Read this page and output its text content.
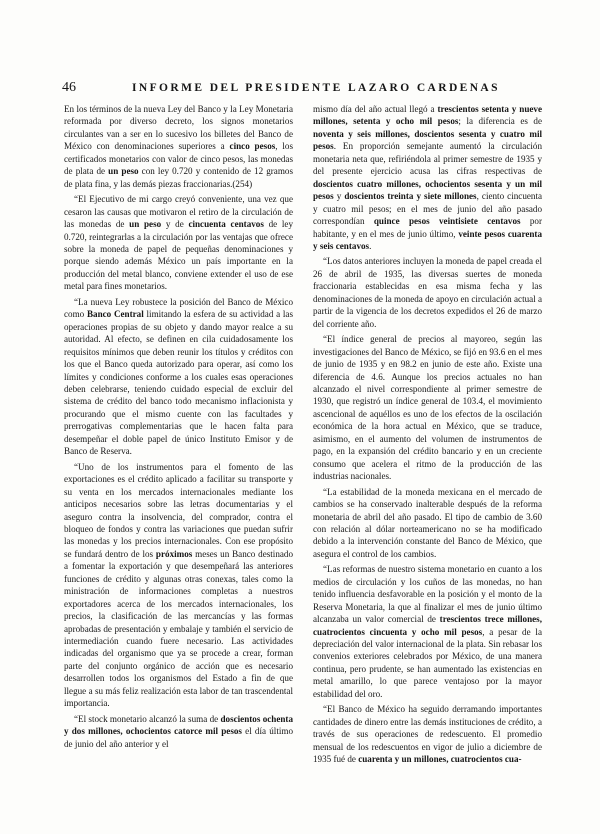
46	INFORME DEL PRESIDENTE LAZARO CARDENAS

En los términos de la nueva Ley del Banco y la Ley Monetaria reformada por diverso decreto, los signos monetarios circulantes van a ser en lo sucesivo los billetes del Banco de México con denominaciones superiores a cinco pesos, los certificados monetarios con valor de cinco pesos, las monedas de plata de un peso con ley 0.720 y contenido de 12 gramos de plata fina, y las demás piezas fraccionarias.(254)

“El Ejecutivo de mi cargo creyó conveniente, una vez que cesaron las causas que motivaron el retiro de la circulación de las monedas de un peso y de cincuenta centavos de ley 0.720, reintegrarlas a la circulación por las ventajas que ofrece sobre la moneda de papel de pequeñas denominaciones y porque siendo además México un país importante en la producción del metal blanco, conviene extender el uso de ese metal para fines monetarios.

“La nueva Ley robustece la posición del Banco de México como Banco Central limitando la esfera de su actividad a las operaciones propias de su objeto y dando mayor realce a su autoridad. Al efecto, se definen en cila cuidadosamente los requisitos mínimos que deben reunir los títulos y créditos con los que el Banco queda autorizado para operar, así como los límites y condiciones conforme a los cuales esas operaciones deben celebrarse, teniendo cuidado especial de excluir del sistema de crédito del banco todo mecanismo inflacionista y procurando que el mismo cuente con las facultades y prerrogativas complementarias que le hacen falta para desempeñar el doble papel de único Instituto Emisor y de Banco de Reserva.

“Uno de los instrumentos para el fomento de las exportaciones es el crédito aplicado a facilitar su transporte y su venta en los mercados internacionales mediante los anticipos necesarios sobre las letras documentarias y el aseguro contra la insolvencia, del comprador, contra el bloqueo de fondos y contra las variaciones que puedan sufrir las monedas y los precios internacionales. Con ese propósito se fundará dentro de los próximos meses un Banco destinado a fomentar la exportación y que desempeñará las anteriores funciones de crédito y algunas otras conexas, tales como la ministración de informaciones completas a nuestros exportadores acerca de los mercados internacionales, los precios, la clasificación de las mercancías y las formas aprobadas de presentación y embalaje y también el servicio de intermediación cuando fuere necesario. Las actividades indicadas del organismo que ya se procede a crear, forman parte del conjunto orgánico de acción que es necesario desarrollen todos los organismos del Estado a fin de que llegue a su más feliz realización esta labor de tan trascendental importancia.

“El stock monetario alcanzó la suma de doscientos ochenta y dos millones, ochocientos catorce mil pesos el día último de junio del año anterior y el

mismo día del año actual llegó a trescientos setenta y nueve millones, setenta y ocho mil pesos; la diferencia es de noventa y seis millones, doscientos sesenta y cuatro mil pesos. En proporción semejante aumentó la circulación monetaria neta que, refiriéndola al primer semestre de 1935 y del presente ejercicio acusa las cifras respectivas de doscientos cuatro millones, ochocientos sesenta y un mil pesos y doscientos treinta y siete millones, ciento cincuenta y cuatro mil pesos; en el mes de junio del año pasado correspondían quince pesos veintisiete centavos por habitante, y en el mes de junio último, veinte pesos cuarenta y seis centavos.

“Los datos anteriores incluyen la moneda de papel creada el 26 de abril de 1935, las diversas suertes de moneda fraccionaria establecidas en esa misma fecha y las denominaciones de la moneda de apoyo en circulación actual a partir de la vigencia de los decretos expedidos el 26 de marzo del corriente año.

“El índice general de precios al mayoreo, según las investigaciones del Banco de México, se fijó en 93.6 en el mes de junio de 1935 y en 98.2 en junio de este año. Existe una diferencia de 4.6. Aunque los precios actuales no han alcanzado el nivel correspondiente al primer semestre de 1930, que registró un índice general de 103.4, el movimiento ascencional de aquéllos es uno de los efectos de la oscilación económica de la hora actual en México, que se traduce, asimismo, en el aumento del volumen de instrumentos de pago, en la expansión del crédito bancario y en un creciente consumo que acelera el ritmo de la producción de las industrias nacionales.

“La estabilidad de la moneda mexicana en el mercado de cambios se ha conservado inalterable después de la reforma monetaria de abril del año pasado. El tipo de cambio de 3.60 con relación al dólar norteamericano no se ha modificado debido a la intervención constante del Banco de México, que asegura el control de los cambios.

“Las reformas de nuestro sistema monetario en cuanto a los medios de circulación y los cuños de las monedas, no han tenido influencia desfavorable en la posición y el monto de la Reserva Monetaria, la que al finalizar el mes de junio último alcanzaba un valor comercial de trescientos trece millones, cuatrocientos cincuenta y ocho mil pesos, a pesar de la depreciación del valor internacional de la plata. Sin rebasar los convenios exteriores celebrados por México, de una manera continua, pero prudente, se han aumentado las existencias en metal amarillo, lo que parece ventajoso por la mayor estabilidad del oro.

“El Banco de México ha seguido derramando importantes cantidades de dinero entre las demás instituciones de crédito, a través de sus operaciones de redescuento. El promedio mensual de los redescuentos en vigor de julio a diciembre de 1935 fué de cuarenta y un millones, cuatrocientos cua-
